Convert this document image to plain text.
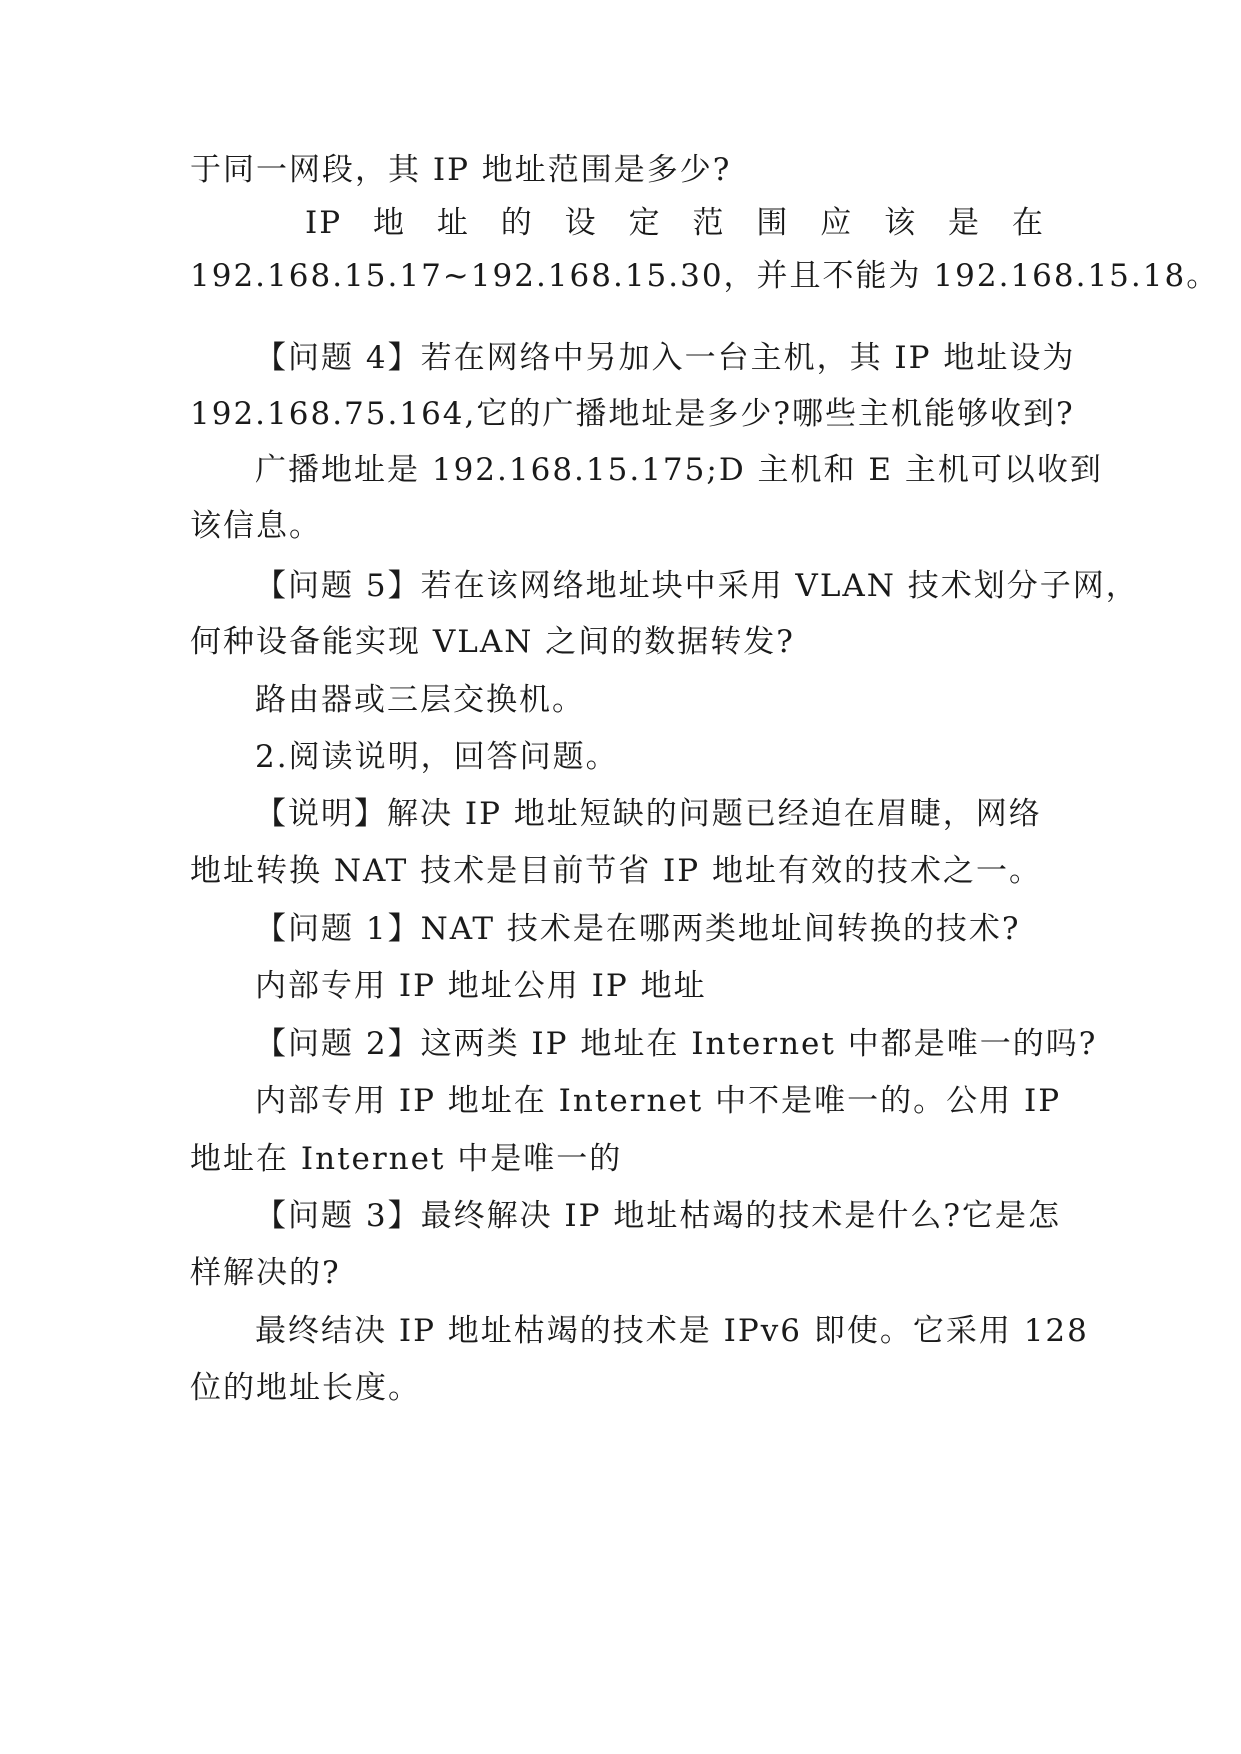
于同一网段，其 IP 地址范围是多少?
IP 地 址 的 设 定 范 围 应 该 是 在
192.168.15.17~192.168.15.30，并且不能为 192.168.15.18。
【问题 4】若在网络中另加入一台主机，其 IP 地址设为
192.168.75.164,它的广播地址是多少?哪些主机能够收到?
广播地址是 192.168.15.175;D 主机和 E 主机可以收到
该信息。
【问题 5】若在该网络地址块中采用 VLAN 技术划分子网，
何种设备能实现 VLAN 之间的数据转发?
路由器或三层交换机。
2.阅读说明，回答问题。
【说明】解决 IP 地址短缺的问题已经迫在眉睫，网络
地址转换 NAT 技术是目前节省 IP 地址有效的技术之一。
【问题 1】NAT 技术是在哪两类地址间转换的技术?
内部专用 IP 地址公用 IP 地址
【问题 2】这两类 IP 地址在 Internet 中都是唯一的吗?
内部专用 IP 地址在 Internet 中不是唯一的。公用 IP
地址在 Internet 中是唯一的
【问题 3】最终解决 IP 地址枯竭的技术是什么?它是怎
样解决的?
最终结决 IP 地址枯竭的技术是 IPv6 即使。它采用 128
位的地址长度。
